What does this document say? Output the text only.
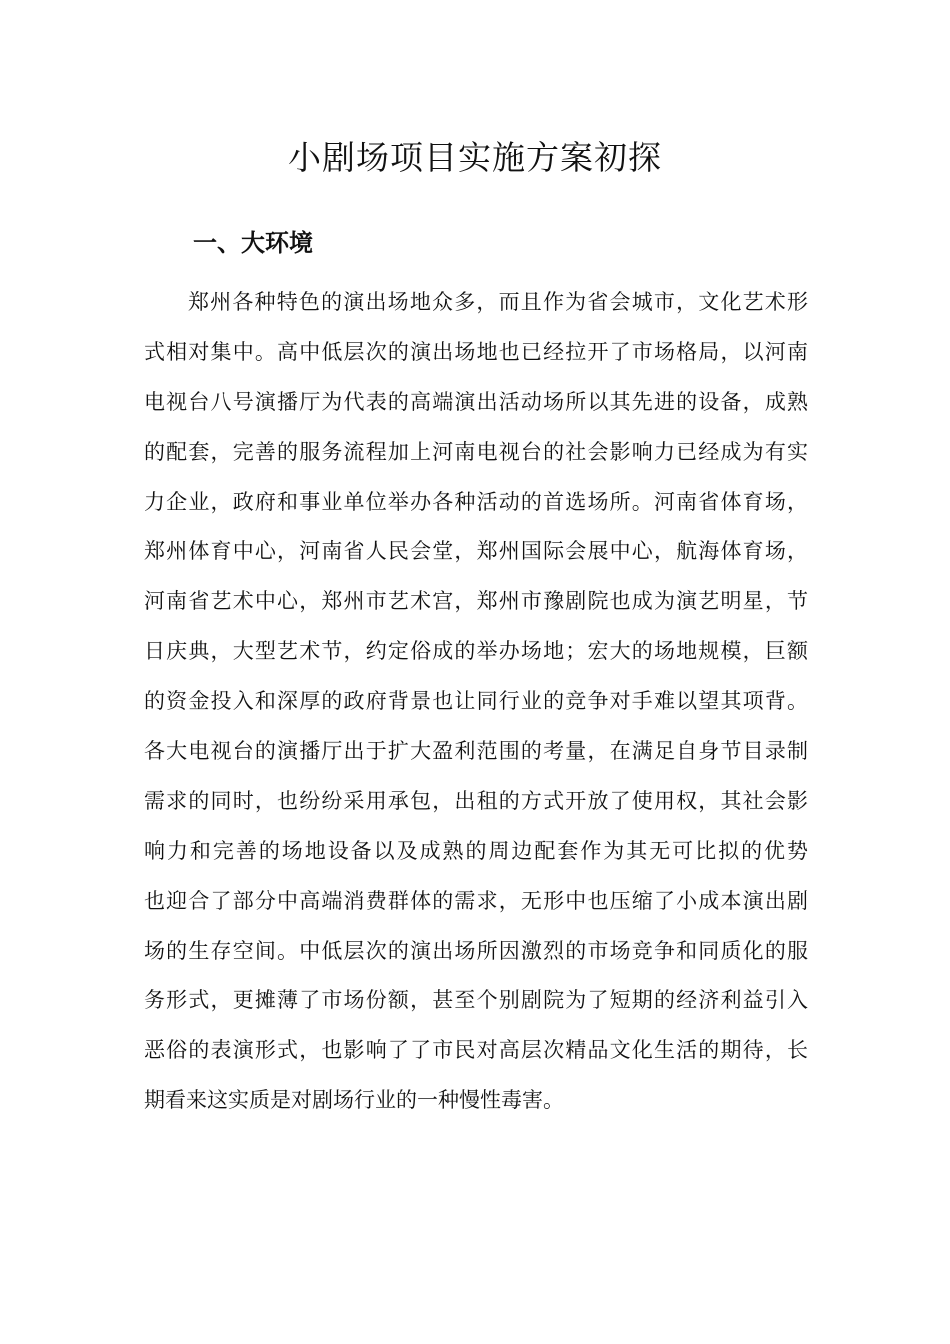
小剧场项目实施方案初探
一、大环境
郑州各种特色的演出场地众多，而且作为省会城市，文化艺术形
式相对集中。高中低层次的演出场地也已经拉开了市场格局，以河南
电视台八号演播厅为代表的高端演出活动场所以其先进的设备，成熟
的配套，完善的服务流程加上河南电视台的社会影响力已经成为有实
力企业，政府和事业单位举办各种活动的首选场所。河南省体育场，
郑州体育中心，河南省人民会堂，郑州国际会展中心，航海体育场，
河南省艺术中心，郑州市艺术宫，郑州市豫剧院也成为演艺明星，节
日庆典，大型艺术节，约定俗成的举办场地；宏大的场地规模，巨额
的资金投入和深厚的政府背景也让同行业的竞争对手难以望其项背。
各大电视台的演播厅出于扩大盈利范围的考量，在满足自身节目录制
需求的同时，也纷纷采用承包，出租的方式开放了使用权，其社会影
响力和完善的场地设备以及成熟的周边配套作为其无可比拟的优势
也迎合了部分中高端消费群体的需求，无形中也压缩了小成本演出剧
场的生存空间。中低层次的演出场所因激烈的市场竞争和同质化的服
务形式，更摊薄了市场份额，甚至个别剧院为了短期的经济利益引入
恶俗的表演形式，也影响了了市民对高层次精品文化生活的期待，长
期看来这实质是对剧场行业的一种慢性毒害。
